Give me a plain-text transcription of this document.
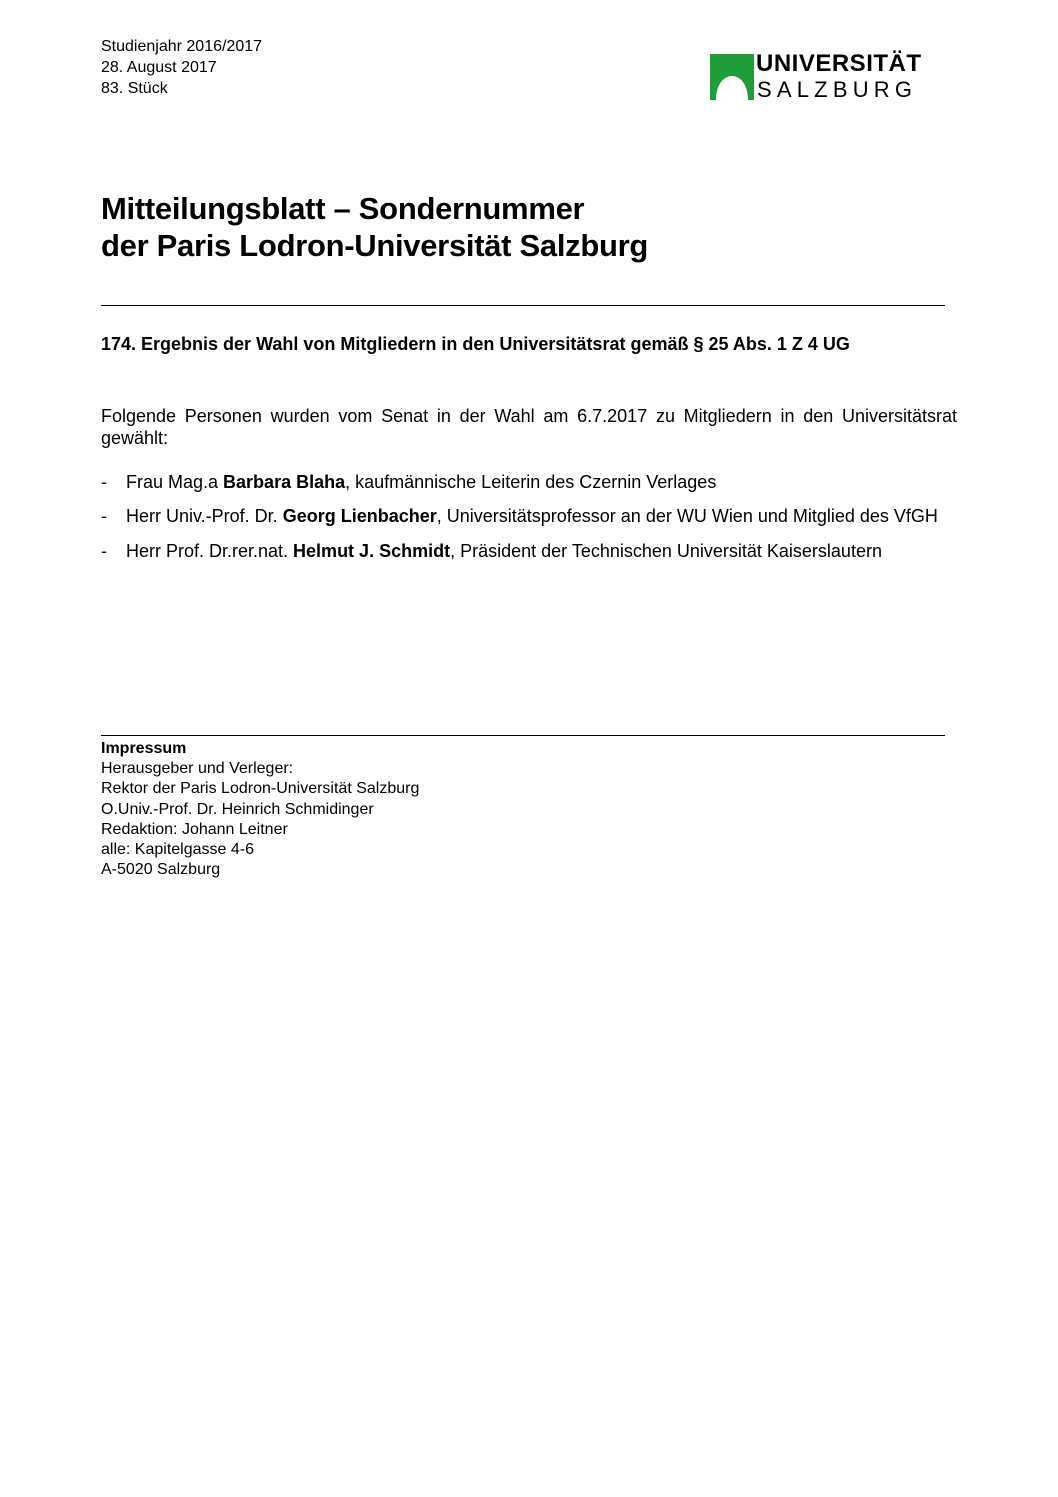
Studienjahr 2016/2017
28. August 2017
83. Stück
UNIVERSITÄT
SALZBURG
Mitteilungsblatt – Sondernummer
der Paris Lodron-Universität Salzburg
174. Ergebnis der Wahl von Mitgliedern in den Universitätsrat gemäß § 25 Abs. 1 Z 4 UG
Folgende Personen wurden vom Senat in der Wahl am 6.7.2017 zu Mitgliedern in den Universitätsrat gewählt:
- Frau Mag.a Barbara Blaha, kaufmännische Leiterin des Czernin Verlages
- Herr Univ.-Prof. Dr. Georg Lienbacher, Universitätsprofessor an der WU Wien und Mitglied des VfGH
- Herr Prof. Dr.rer.nat. Helmut J. Schmidt, Präsident der Technischen Universität Kaiserslautern
Impressum
Herausgeber und Verleger:
Rektor der Paris Lodron-Universität Salzburg
O.Univ.-Prof. Dr. Heinrich Schmidinger
Redaktion: Johann Leitner
alle: Kapitelgasse 4-6
A-5020 Salzburg
